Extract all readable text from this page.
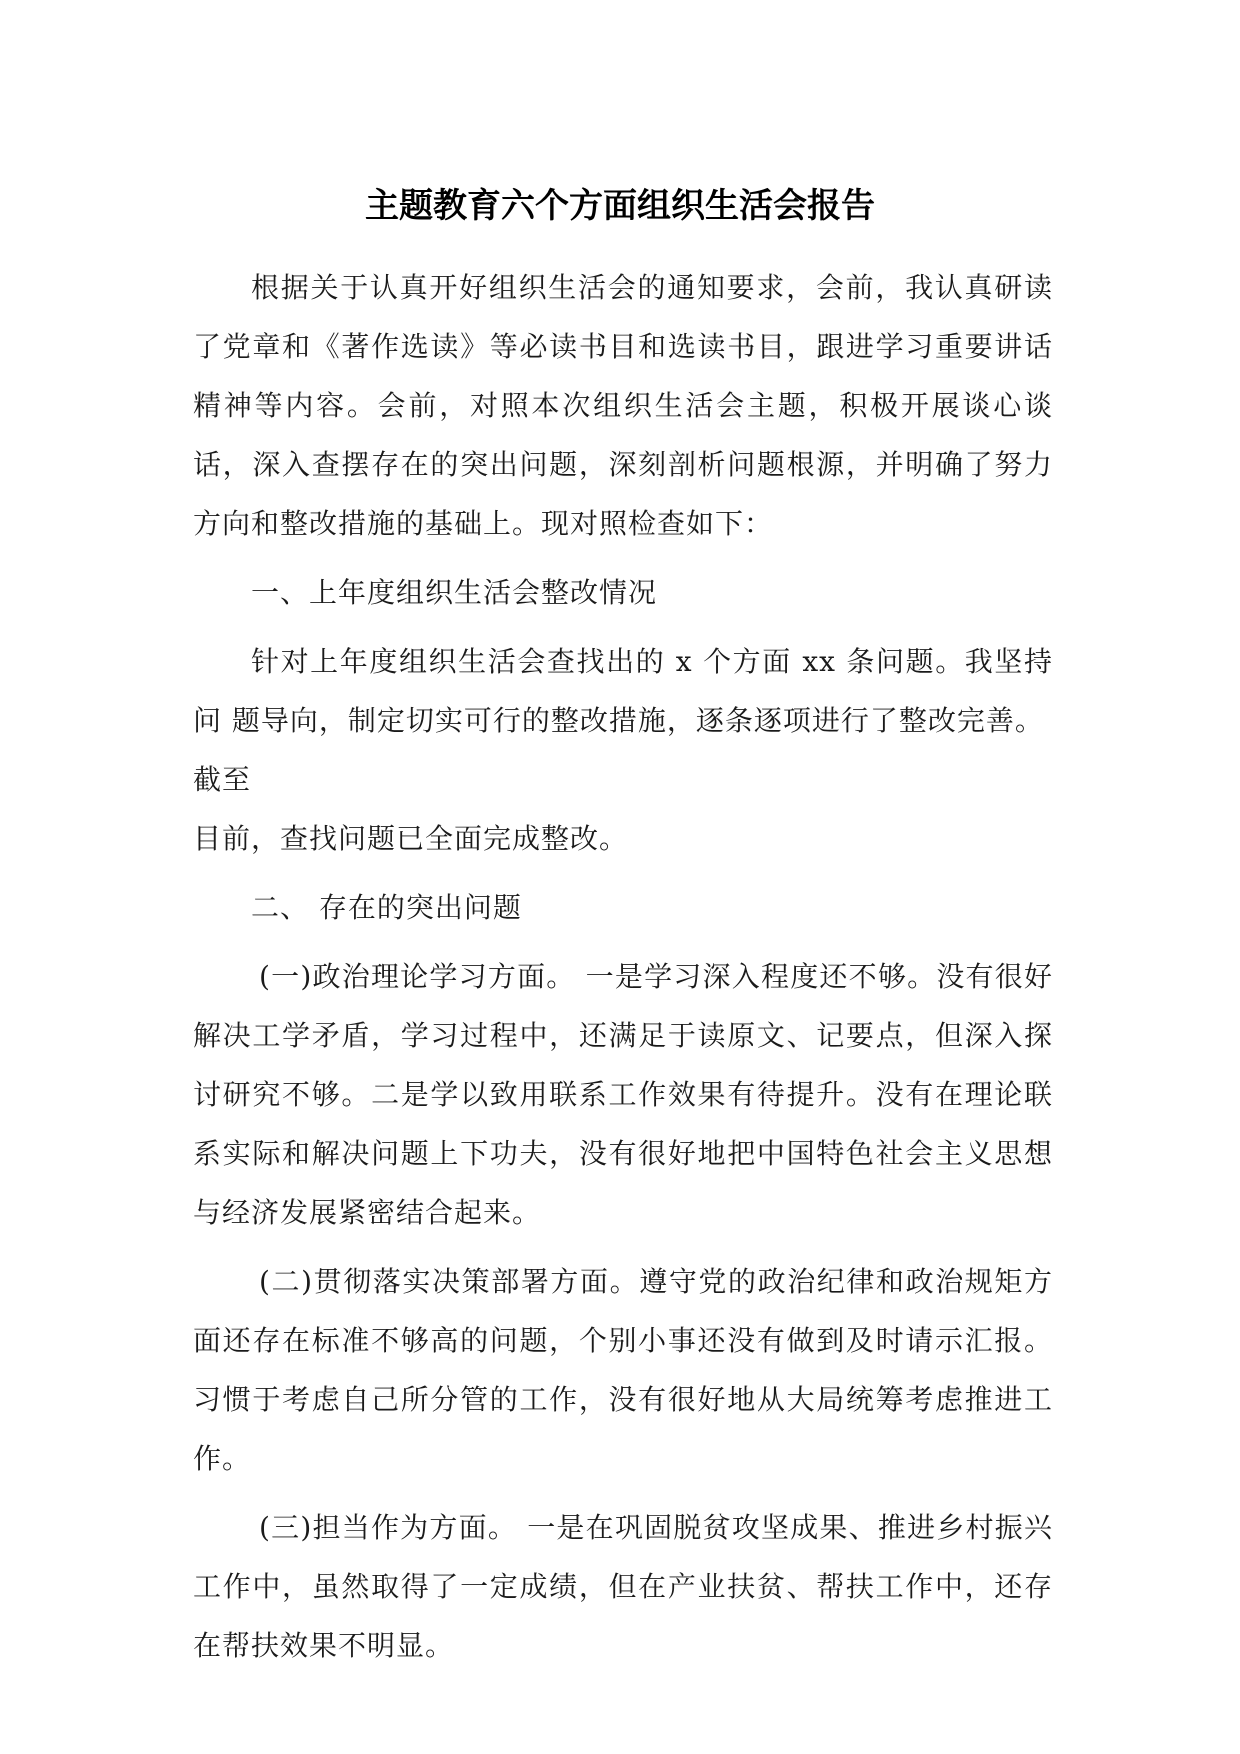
主题教育六个方面组织生活会报告

根据关于认真开好组织生活会的通知要求，会前，我认真研读了党章和《著作选读》等必读书目和选读书目，跟进学习重要讲话精神等内容。会前，对照本次组织生活会主题，积极开展谈心谈话，深入查摆存在的突出问题，深刻剖析问题根源，并明确了努力方向和整改措施的基础上。现对照检查如下：

一、上年度组织生活会整改情况

针对上年度组织生活会查找出的 x 个方面 xx 条问题。我坚持问 题导向，制定切实可行的整改措施，逐条逐项进行了整改完善。

截至

目前，查找问题已全面完成整改。

二、 存在的突出问题

(一)政治理论学习方面。 一是学习深入程度还不够。没有很好解决工学矛盾，学习过程中，还满足于读原文、记要点，但深入探讨研究不够。二是学以致用联系工作效果有待提升。没有在理论联系实际和解决问题上下功夫，没有很好地把中国特色社会主义思想与经济发展紧密结合起来。

(二)贯彻落实决策部署方面。遵守党的政治纪律和政治规矩方面还存在标准不够高的问题，个别小事还没有做到及时请示汇报。习惯于考虑自己所分管的工作，没有很好地从大局统筹考虑推进工作。

(三)担当作为方面。 一是在巩固脱贫攻坚成果、推进乡村振兴工作中，虽然取得了一定成绩，但在产业扶贫、帮扶工作中，还存在帮扶效果不明显。
